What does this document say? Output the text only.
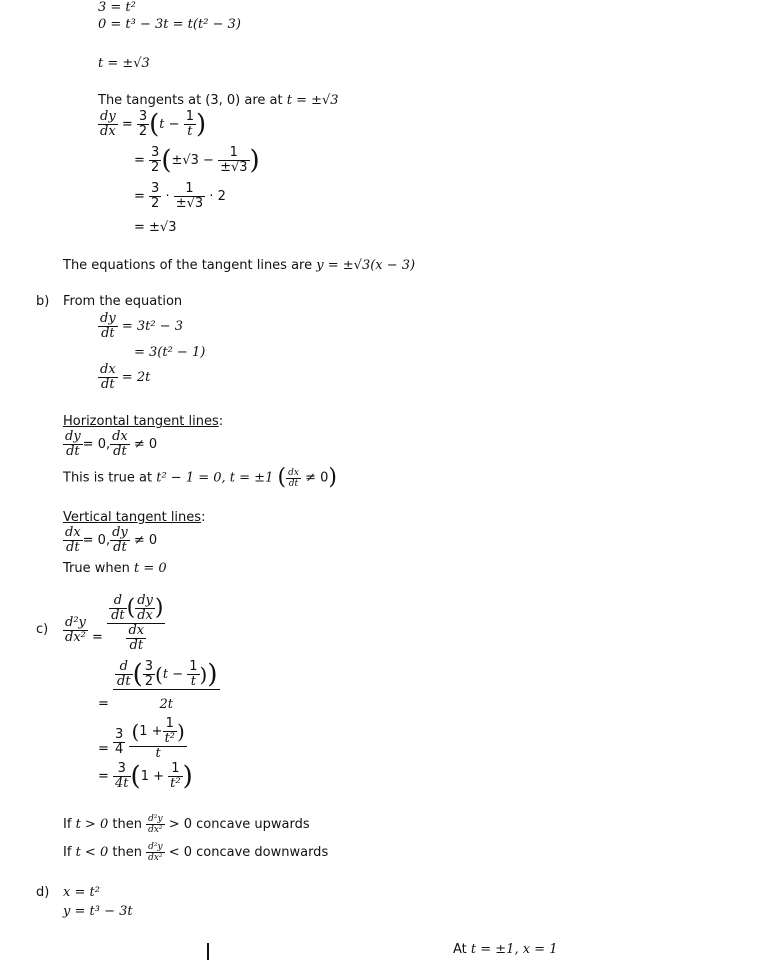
3 = t²
0 = t³ − 3t = t(t² − 3)
t = ±√3
The tangents at (3, 0) are at t = ±√3
$\frac{dy}{dx} = \frac{3}{2} (t - \frac{1}{t}$ )
= $\frac{3}{2} (\pm√3 - \frac{1}{\pm√3}$ )
= $\frac{3}{2} \cdot \frac{1}{\pm√3} \cdot 2$
= ±√3
The equations of the tangent lines are y = ±√3(x − 3)
b) From the equation
$\frac{dy}{dt} = 3t^2 - 3$
= 3(t² − 1)
$\frac{dx}{dt} = 2t$
Horizontal tangent lines:
$\frac{dy}{dt} = 0$, $\frac{dx}{dt} \ne 0$
This is true at t² − 1 = 0, t = ±1 ( $\frac{dx}{dt} \ne 0$)
Vertical tangent lines:
$\frac{dx}{dt} = 0$, $\frac{dy}{dt} \ne 0$
True when t = 0
$c) \frac{\text{d²y}}{\text{dx²}} = \frac{\frac{d}{dt} ( \frac{dy}{dx} )}{\frac{dx}{dt}}$
= $\frac{\frac{d}{dt} ( \frac{3}{2} (t - \frac{1}{t} ))}{2t}$
= $\frac{3}{4}$
$\frac{(1 + \frac{1}{\text{t²}} )}{t}$
= $\frac{3}{4t} (1 + \frac{1}{\text{t²}}$ )
If t > 0 then $\frac{\text{d²y}}{\text{dx²}} > 0$ concave upwards
If t < 0 then $\frac{\text{d²y}}{\text{dx²}} < 0$ concave downwards
d) x = t²
y = t³ − 3t
At t = ±1, x = 1
